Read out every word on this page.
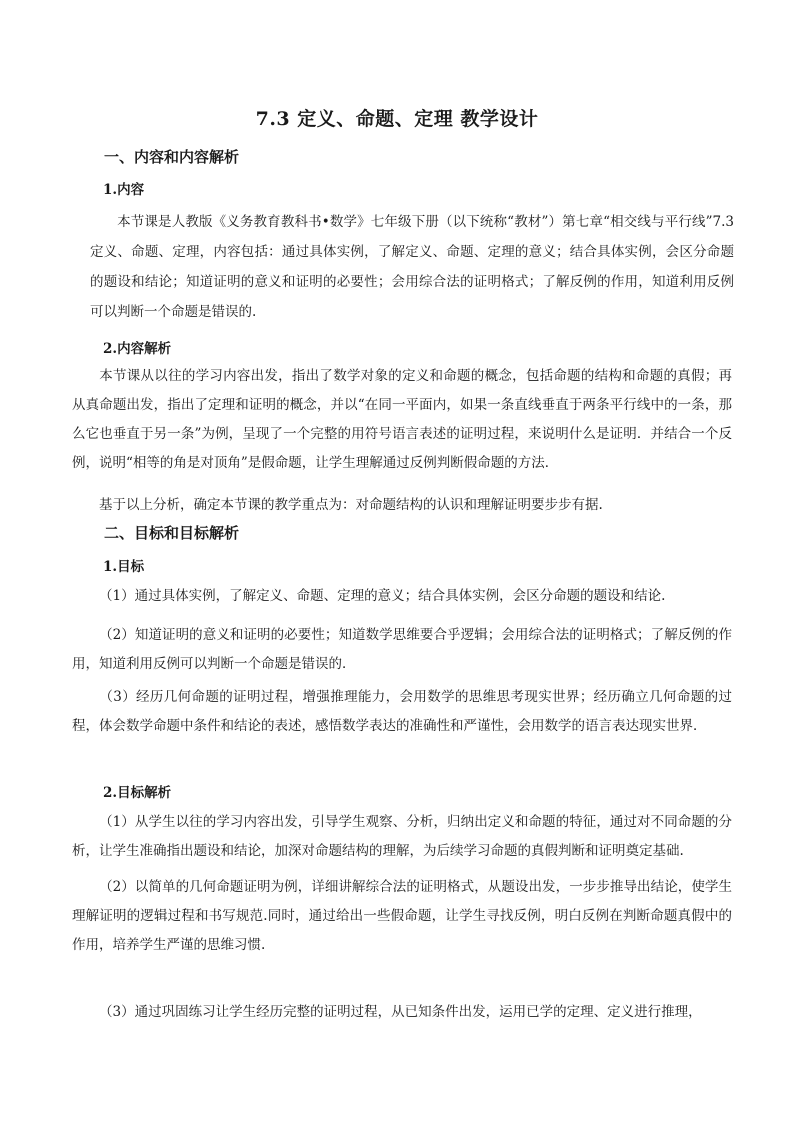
7.3 定义、命题、定理 教学设计
一、内容和内容解析
1.内容
本节课是人教版《义务教育教科书•数学》七年级下册（以下统称“教材”）第七章“相交线与平行线”7.3 定义、命题、定理，内容包括：通过具体实例，了解定义、命题、定理的意义；结合具体实例，会区分命题的题设和结论；知道证明的意义和证明的必要性；会用综合法的证明格式；了解反例的作用，知道利用反例可以判断一个命题是错误的.
2.内容解析
本节课从以往的学习内容出发，指出了数学对象的定义和命题的概念，包括命题的结构和命题的真假；再从真命题出发，指出了定理和证明的概念，并以“在同一平面内，如果一条直线垂直于两条平行线中的一条，那么它也垂直于另一条”为例，呈现了一个完整的用符号语言表述的证明过程，来说明什么是证明．并结合一个反例，说明“相等的角是对顶角”是假命题，让学生理解通过反例判断假命题的方法．
基于以上分析，确定本节课的教学重点为：对命题结构的认识和理解证明要步步有据.
二、目标和目标解析
1.目标
（1）通过具体实例，了解定义、命题、定理的意义；结合具体实例，会区分命题的题设和结论.
（2）知道证明的意义和证明的必要性；知道数学思维要合乎逻辑；会用综合法的证明格式；了解反例的作用，知道利用反例可以判断一个命题是错误的．
（3）经历几何命题的证明过程，增强推理能力，会用数学的思维思考现实世界；经历确立几何命题的过程，体会数学命题中条件和结论的表述，感悟数学表达的准确性和严谨性，会用数学的语言表达现实世界．
2.目标解析
（1）从学生以往的学习内容出发，引导学生观察、分析，归纳出定义和命题的特征，通过对不同命题的分析，让学生准确指出题设和结论，加深对命题结构的理解，为后续学习命题的真假判断和证明奠定基础.
（2）以简单的几何命题证明为例，详细讲解综合法的证明格式，从题设出发，一步步推导出结论，使学生理解证明的逻辑过程和书写规范.同时，通过给出一些假命题，让学生寻找反例，明白反例在判断命题真假中的作用，培养学生严谨的思维习惯.
（3）通过巩固练习让学生经历完整的证明过程，从已知条件出发，运用已学的定理、定义进行推理，
